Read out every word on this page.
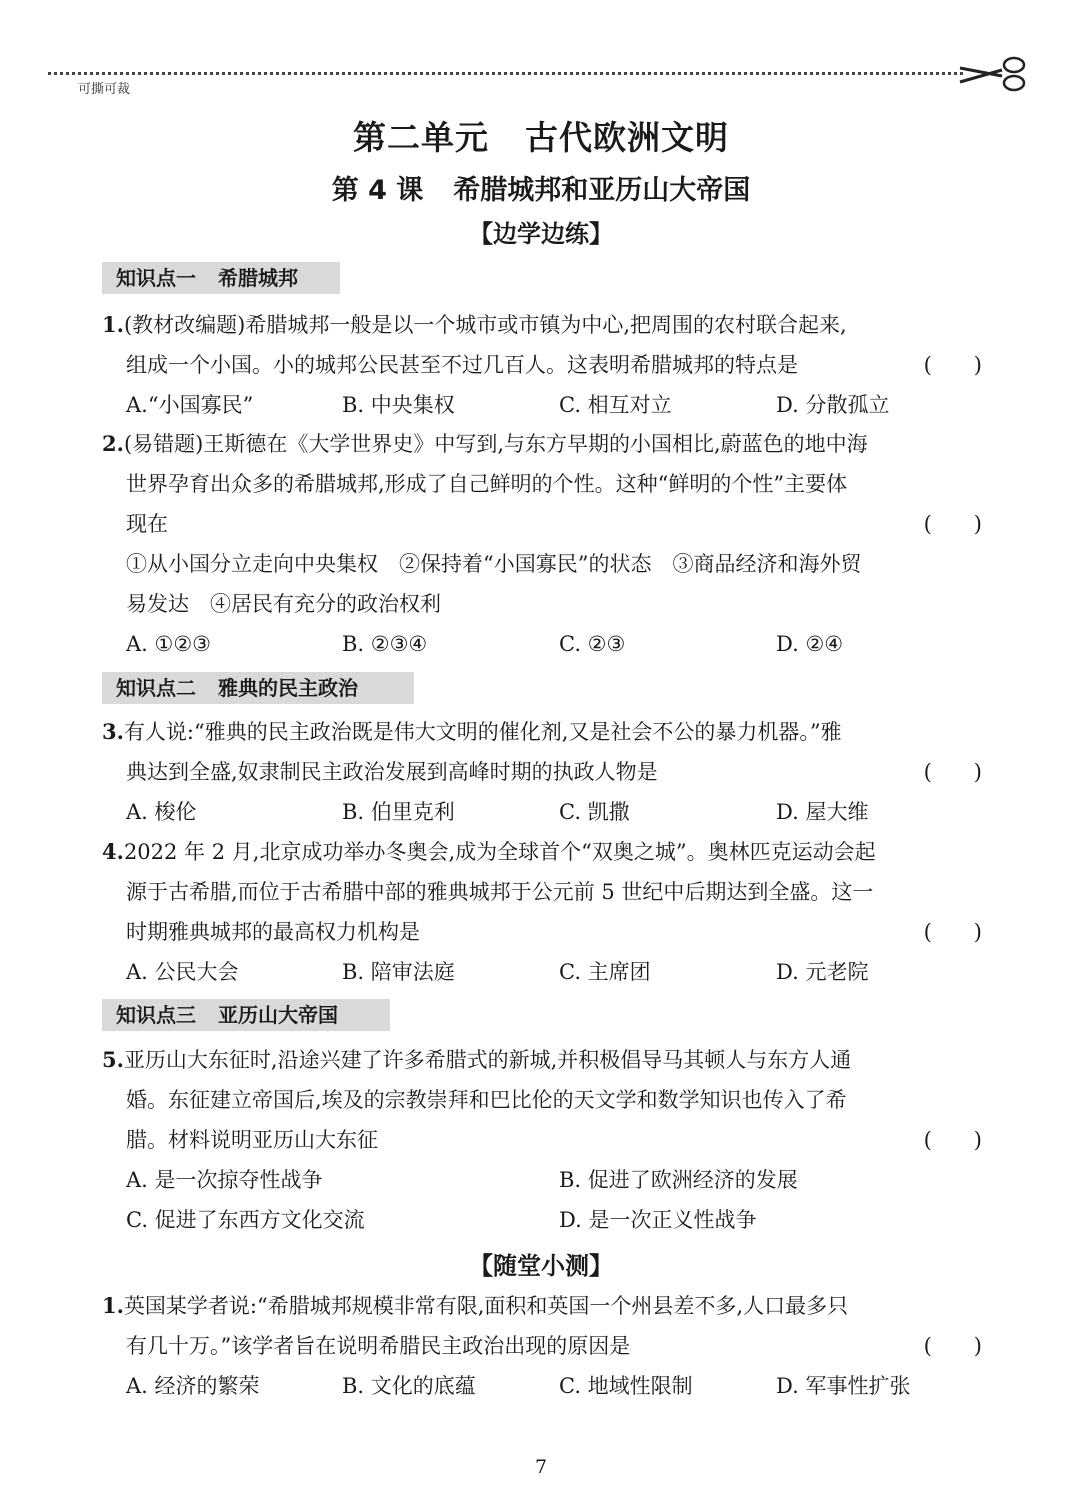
可撕可裁
第二单元 古代欧洲文明
第 4 课 希腊城邦和亚历山大帝国
【边学边练】
知识点一 希腊城邦
1.(教材改编题)希腊城邦一般是以一个城市或市镇为中心,把周围的农村联合起来,
组成一个小国。小的城邦公民甚至不过几百人。这表明希腊城邦的特点是	(　　)
A.“小国寡民”	B. 中央集权	C. 相互对立	D. 分散孤立
2.(易错题)王斯德在《大学世界史》中写到,与东方早期的小国相比,蔚蓝色的地中海
世界孕育出众多的希腊城邦,形成了自己鲜明的个性。这种“鲜明的个性”主要体
现在	(　　)
①从小国分立走向中央集权　②保持着“小国寡民”的状态　③商品经济和海外贸
易发达　④居民有充分的政治权利
A. ①②③	B. ②③④	C. ②③	D. ②④
知识点二 雅典的民主政治
3.有人说:“雅典的民主政治既是伟大文明的催化剂,又是社会不公的暴力机器。”雅
典达到全盛,奴隶制民主政治发展到高峰时期的执政人物是	(　　)
A. 梭伦	B. 伯里克利	C. 凯撒	D. 屋大维
4.2022 年 2 月,北京成功举办冬奥会,成为全球首个“双奥之城”。奥林匹克运动会起
源于古希腊,而位于古希腊中部的雅典城邦于公元前 5 世纪中后期达到全盛。这一
时期雅典城邦的最高权力机构是	(　　)
A. 公民大会	B. 陪审法庭	C. 主席团	D. 元老院
知识点三 亚历山大帝国
5.亚历山大东征时,沿途兴建了许多希腊式的新城,并积极倡导马其顿人与东方人通
婚。东征建立帝国后,埃及的宗教崇拜和巴比伦的天文学和数学知识也传入了希
腊。材料说明亚历山大东征	(　　)
A. 是一次掠夺性战争	B. 促进了欧洲经济的发展
C. 促进了东西方文化交流	D. 是一次正义性战争
【随堂小测】
1.英国某学者说:“希腊城邦规模非常有限,面积和英国一个州县差不多,人口最多只
有几十万。”该学者旨在说明希腊民主政治出现的原因是	(　　)
A. 经济的繁荣	B. 文化的底蕴	C. 地域性限制	D. 军事性扩张
7
